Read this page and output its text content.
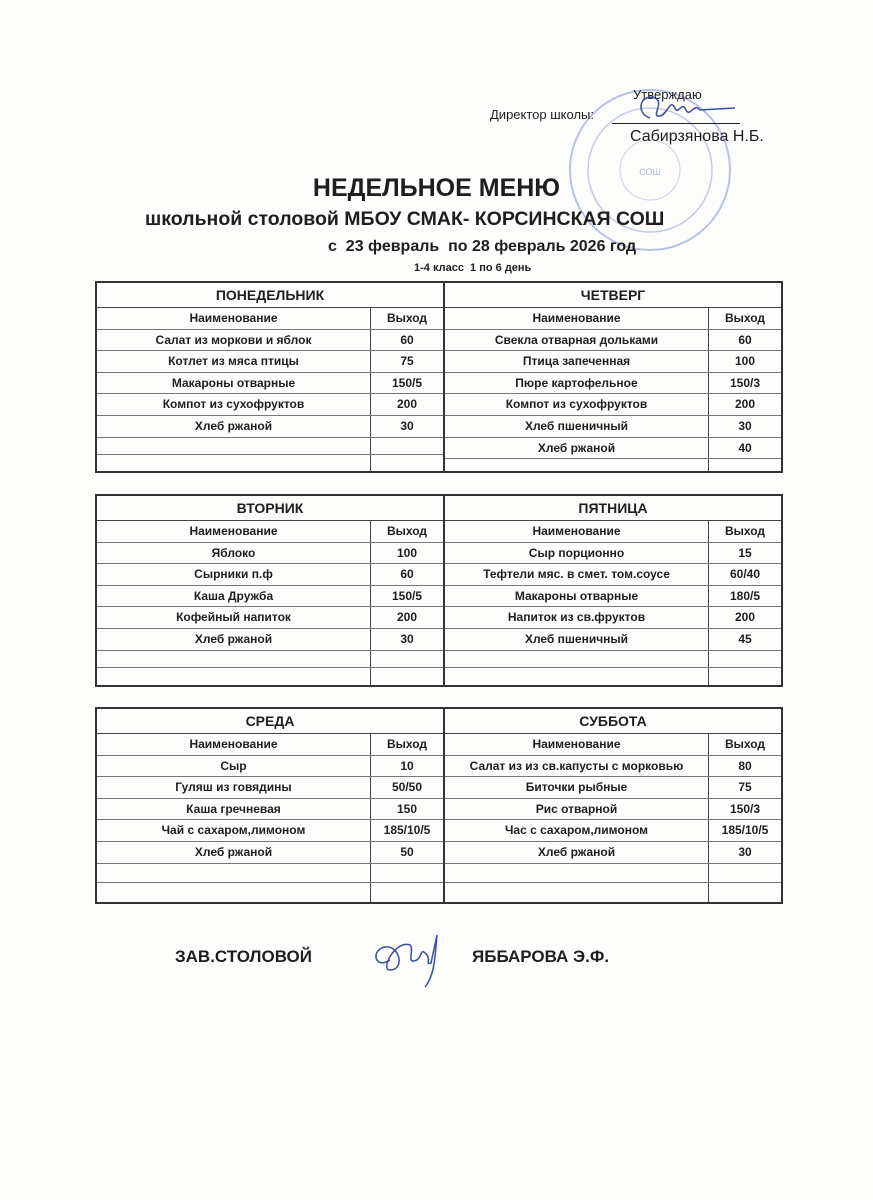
СОШ
Утверждаю
Директор школы:
Сабирзянова Н.Б.
НЕДЕЛЬНОЕ МЕНЮ
школьной столовой МБОУ СМАК- КОРСИНСКАЯ СОШ
с  23 февраль  по 28 февраль 2026 год
1-4 класс  1 по 6 день
ПОНЕДЕЛЬНИК
Наименование	Выход
Салат из моркови и яблок	60
Котлет из мяса птицы	75
Макароны отварные	150/5
Компот из сухофруктов	200
Хлеб ржаной	30
ЧЕТВЕРГ
Наименование	Выход
Свекла отварная дольками	60
Птица запеченная	100
Пюре картофельное	150/3
Компот из сухофруктов	200
Хлеб пшеничный	30
Хлеб ржаной	40
ВТОРНИК
Наименование	Выход
Яблоко	100
Сырники п.ф	60
Каша Дружба	150/5
Кофейный напиток	200
Хлеб ржаной	30
ПЯТНИЦА
Наименование	Выход
Сыр порционно	15
Тефтели мяс. в смет. том.соусе	60/40
Макароны отварные	180/5
Напиток из св.фруктов	200
Хлеб пшеничный	45
СРЕДА
Наименование	Выход
Сыр	10
Гуляш из говядины	50/50
Каша гречневая	150
Чай с сахаром,лимоном	185/10/5
Хлеб ржаной	50
СУББОТА
Наименование	Выход
Салат из из св.капусты с морковью	80
Биточки рыбные	75
Рис отварной	150/3
Час с сахаром,лимоном	185/10/5
Хлеб ржаной	30
ЗАВ.СТОЛОВОЙ	ЯББАРОВА Э.Ф.
